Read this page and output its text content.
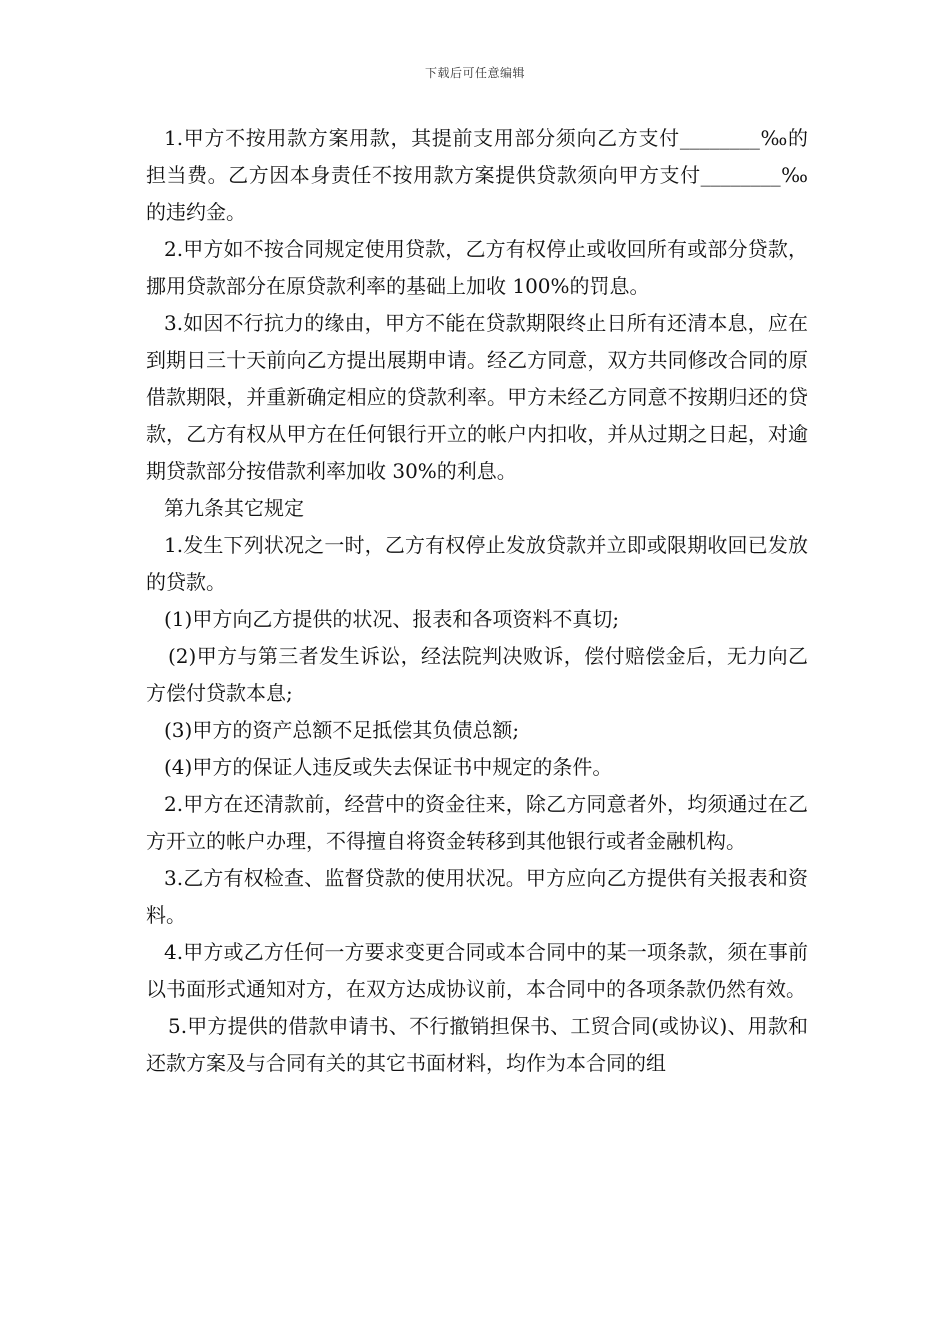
下载后可任意编辑

1.甲方不按用款方案用款，其提前支用部分须向乙方支付________‰的担当费。乙方因本身责任不按用款方案提供贷款须向甲方支付________‰的违约金。

2.甲方如不按合同规定使用贷款，乙方有权停止或收回所有或部分贷款，挪用贷款部分在原贷款利率的基础上加收 100%的罚息。

3.如因不行抗力的缘由，甲方不能在贷款期限终止日所有还清本息，应在到期日三十天前向乙方提出展期申请。经乙方同意，双方共同修改合同的原借款期限，并重新确定相应的贷款利率。甲方未经乙方同意不按期归还的贷款，乙方有权从甲方在任何银行开立的帐户内扣收，并从过期之日起，对逾期贷款部分按借款利率加收 30%的利息。

第九条其它规定

1.发生下列状况之一时，乙方有权停止发放贷款并立即或限期收回已发放的贷款。

(1)甲方向乙方提供的状况、报表和各项资料不真切;

(2)甲方与第三者发生诉讼，经法院判决败诉，偿付赔偿金后，无力向乙方偿付贷款本息;

(3)甲方的资产总额不足抵偿其负债总额;

(4)甲方的保证人违反或失去保证书中规定的条件。

2.甲方在还清款前，经营中的资金往来，除乙方同意者外，均须通过在乙方开立的帐户办理，不得擅自将资金转移到其他银行或者金融机构。

3.乙方有权检查、监督贷款的使用状况。甲方应向乙方提供有关报表和资料。

4.甲方或乙方任何一方要求变更合同或本合同中的某一项条款，须在事前以书面形式通知对方，在双方达成协议前，本合同中的各项条款仍然有效。

5.甲方提供的借款申请书、不行撤销担保书、工贸合同(或协议)、用款和还款方案及与合同有关的其它书面材料，均作为本合同的组
